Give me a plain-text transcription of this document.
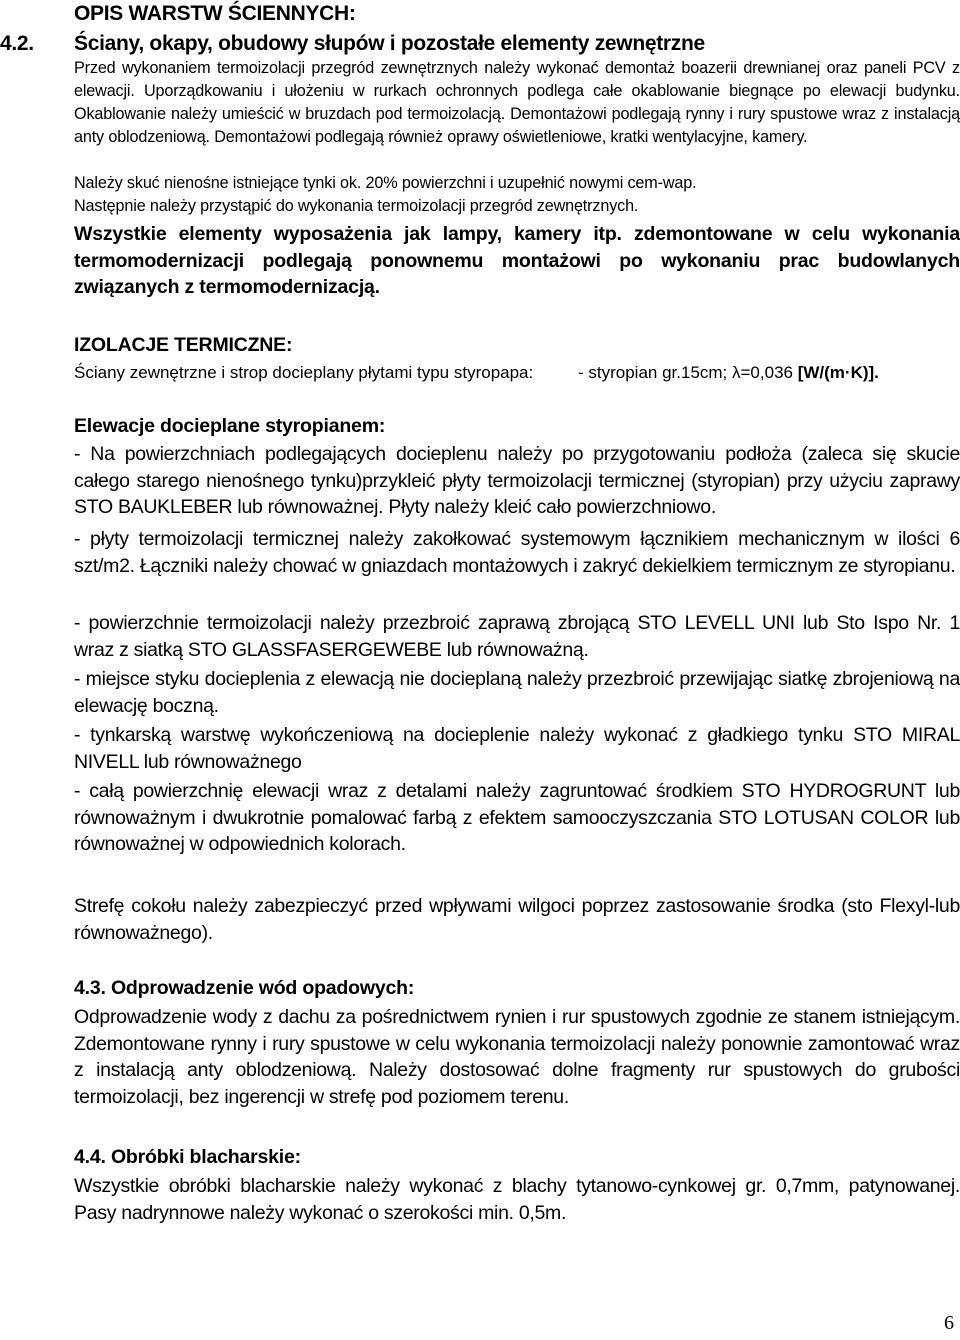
OPIS WARSTW ŚCIENNYCH:
4.2. Ściany, okapy, obudowy słupów i pozostałe elementy zewnętrzne

Przed wykonaniem termoizolacji przegród zewnętrznych należy wykonać demontaż boazerii drewnianej oraz paneli PCV z elewacji. Uporządkowaniu i ułożeniu w rurkach ochronnych podlega całe okablowanie biegnące po elewacji budynku. Okablowanie należy umieścić w bruzdach pod termoizolacją. Demontażowi podlegają rynny i rury spustowe wraz z instalacją anty oblodzeniową. Demontażowi podlegają również oprawy oświetleniowe, kratki wentylacyjne, kamery.

Należy skuć nienośne istniejące tynki ok. 20% powierzchni i uzupełnić nowymi cem-wap.

Następnie należy przystąpić do wykonania termoizolacji przegród zewnętrznych.

Wszystkie elementy wyposażenia jak lampy, kamery itp. zdemontowane w celu wykonania termomodernizacji podlegają ponownemu montażowi po wykonaniu prac budowlanych związanych z termomodernizacją.

IZOLACJE TERMICZNE:
Ściany zewnętrzne i strop docieplany płytami typu styropapa:	- styropian gr.15cm; λ=0,036 [W/(m·K)].
Elewacje docieplane styropianem:

- Na powierzchniach podlegających docieplenu należy po przygotowaniu podłoża (zaleca się skucie całego starego nienośnego tynku)przykleić płyty termoizolacji termicznej (styropian) przy użyciu zaprawy STO BAUKLEBER lub równoważnej. Płyty należy kleić cało powierzchniowo.

- płyty termoizolacji termicznej należy zakołkować systemowym łącznikiem mechanicznym w ilości 6 szt/m2. Łączniki należy chować w gniazdach montażowych i zakryć dekielkiem termicznym ze styropianu.

- powierzchnie termoizolacji należy przezbroić zaprawą zbrojącą STO LEVELL UNI lub Sto Ispo Nr. 1 wraz z siatką STO GLASSFASERGEWEBE lub równoważną.

- miejsce styku docieplenia z elewacją nie docieplaną należy przezbroić przewijając siatkę zbrojeniową na elewację boczną.

- tynkarską warstwę wykończeniową na docieplenie należy wykonać z gładkiego tynku STO MIRAL NIVELL lub równoważnego

- całą powierzchnię elewacji wraz z detalami należy zagruntować środkiem STO HYDROGRUNT lub równoważnym i dwukrotnie pomalować farbą z efektem samooczyszczania STO LOTUSAN COLOR lub równoważnej w odpowiednich kolorach.

Strefę cokołu należy zabezpieczyć przed wpływami wilgoci poprzez zastosowanie środka (sto Flexyl-lub równoważnego).

4.3. Odprowadzenie wód opadowych:

Odprowadzenie wody z dachu za pośrednictwem rynien i rur spustowych zgodnie ze stanem istniejącym. Zdemontowane rynny i rury spustowe w celu wykonania termoizolacji należy ponownie zamontować wraz z instalacją anty oblodzeniową. Należy dostosować dolne fragmenty rur spustowych do grubości termoizolacji, bez ingerencji w strefę pod poziomem terenu.

4.4. Obróbki blacharskie:

Wszystkie obróbki blacharskie należy wykonać z blachy tytanowo-cynkowej gr. 0,7mm, patynowanej. Pasy nadrynnowe należy wykonać o szerokości min. 0,5m.

6
